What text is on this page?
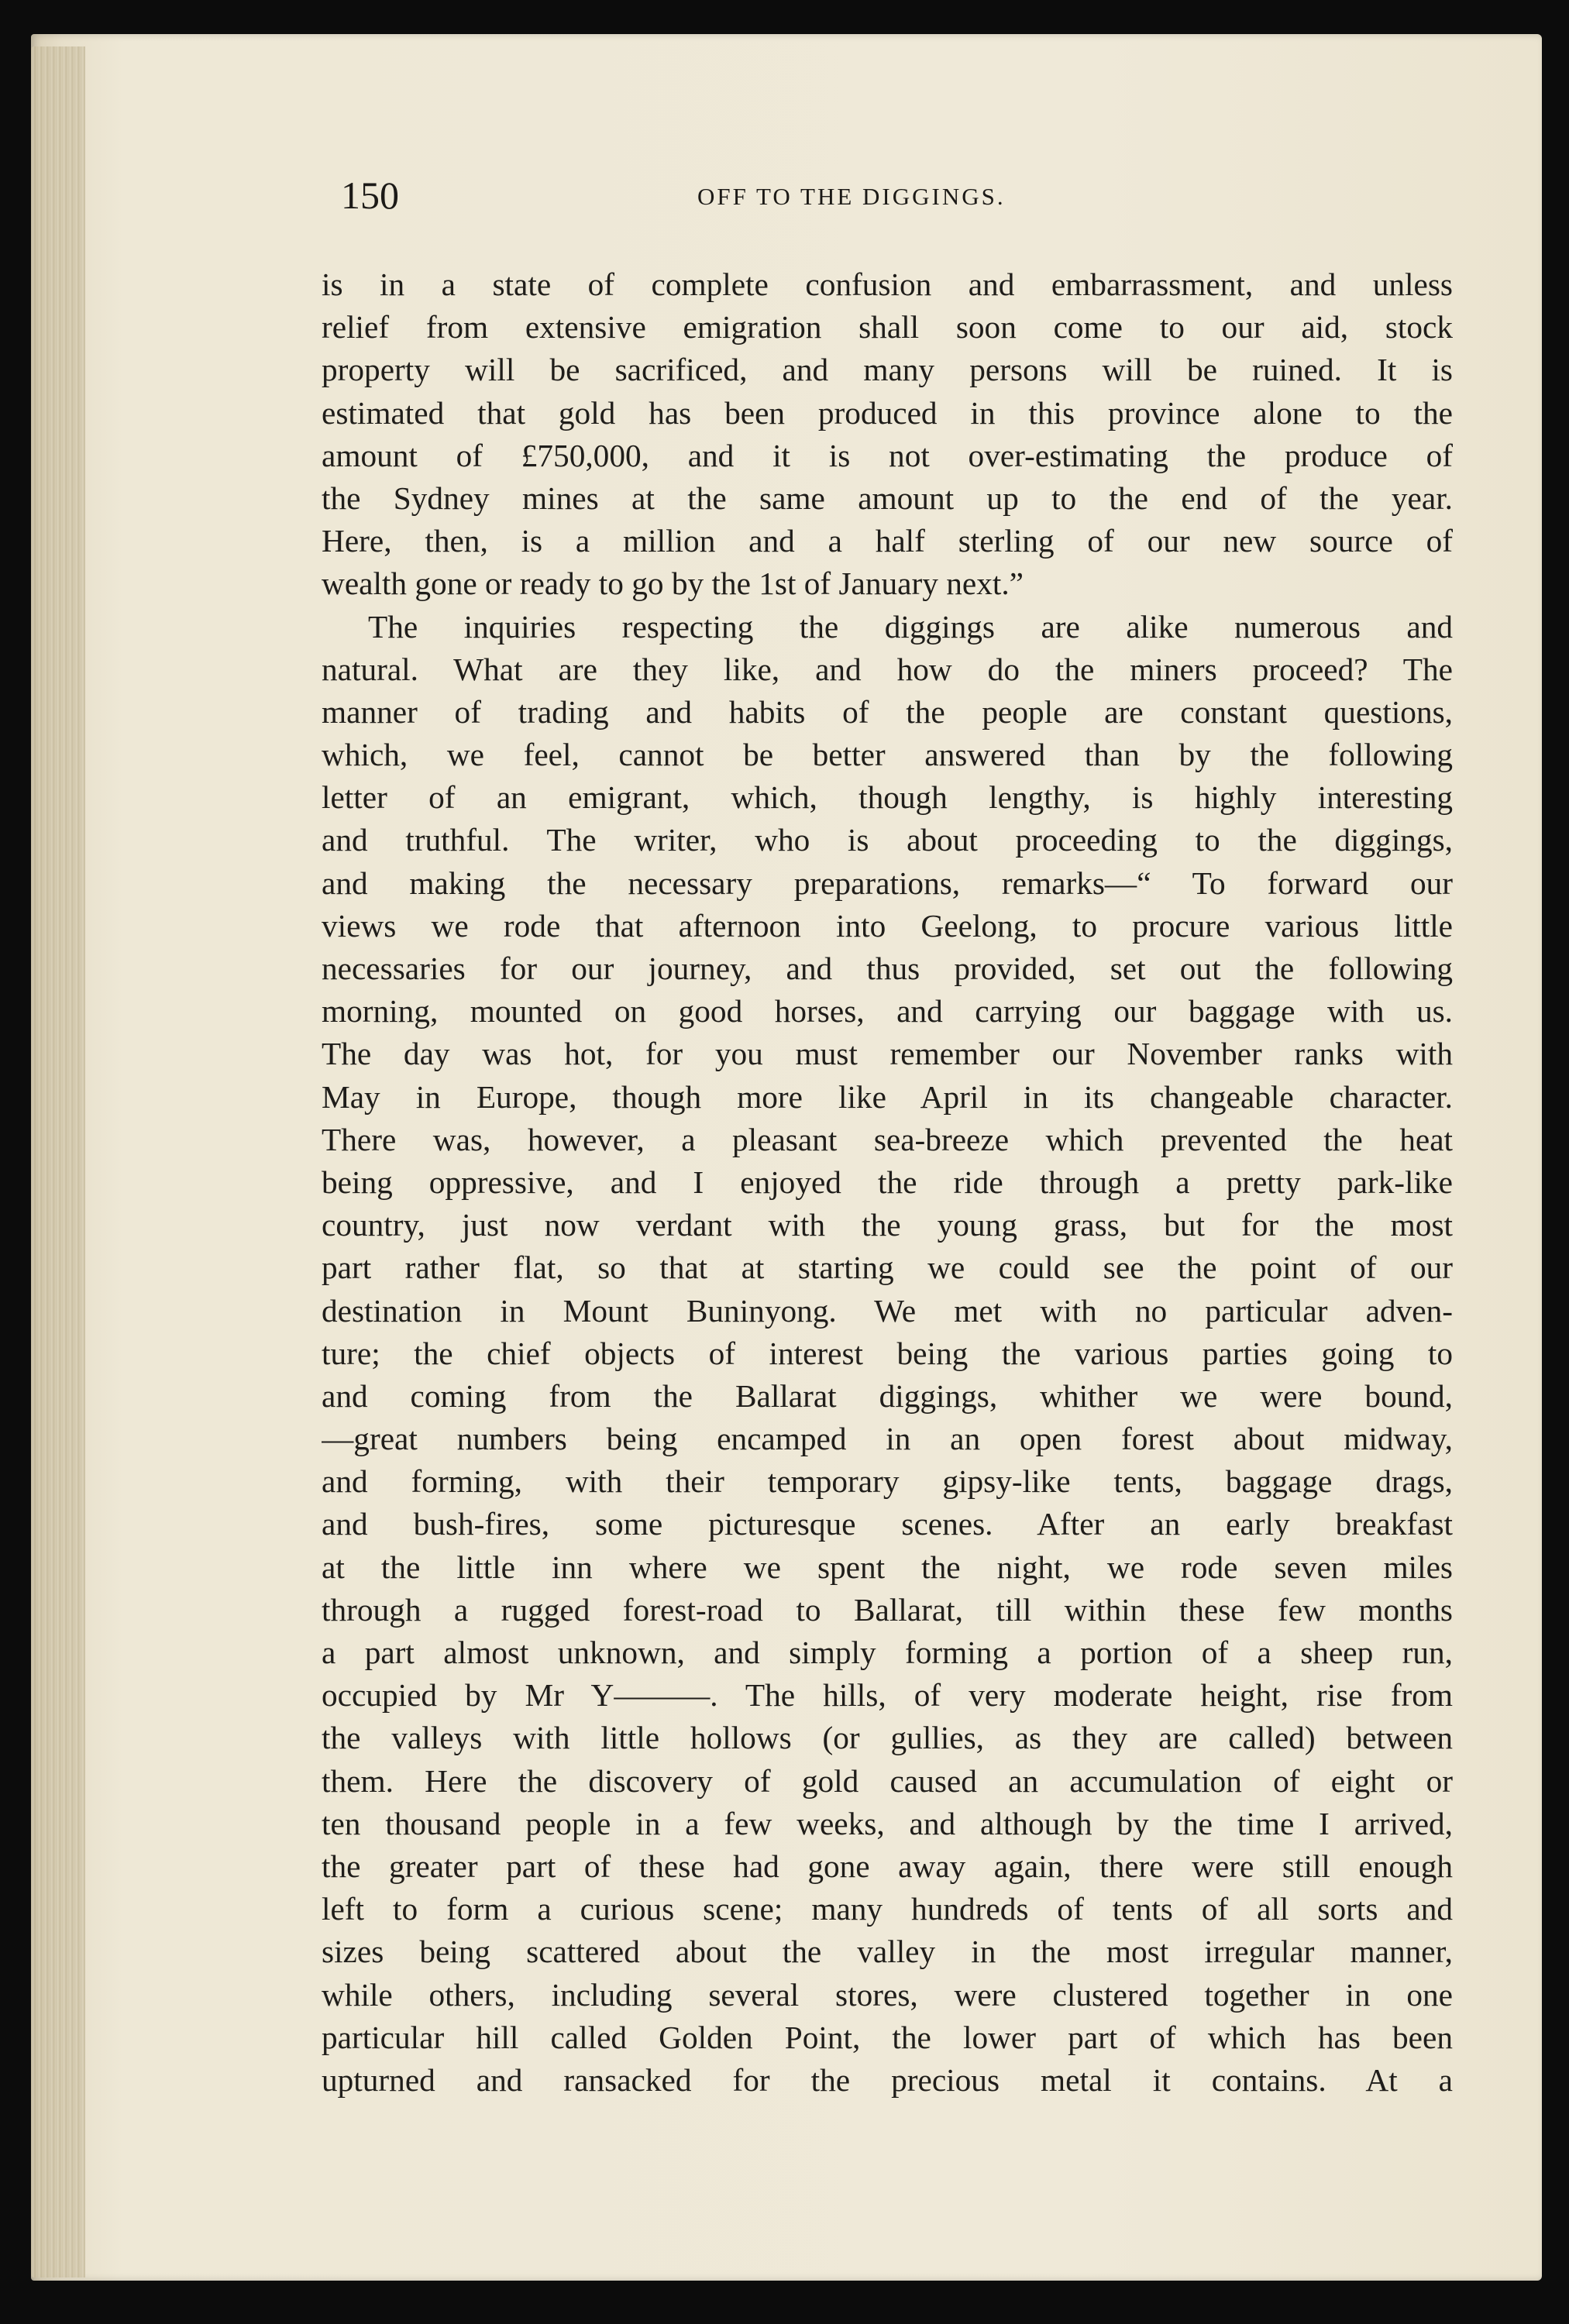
150	OFF TO THE DIGGINGS.
is in a state of complete confusion and embarrassment, and unless
relief from extensive emigration shall soon come to our aid, stock
property will be sacrificed, and many persons will be ruined. It is
estimated that gold has been produced in this province alone to the
amount of £750,000, and it is not over-estimating the produce of
the Sydney mines at the same amount up to the end of the year.
Here, then, is a million and a half sterling of our new source of
wealth gone or ready to go by the 1st of January next.”
The inquiries respecting the diggings are alike numerous and
natural. What are they like, and how do the miners proceed? The
manner of trading and habits of the people are constant questions,
which, we feel, cannot be better answered than by the following
letter of an emigrant, which, though lengthy, is highly interesting
and truthful. The writer, who is about proceeding to the diggings,
and making the necessary preparations, remarks—“ To forward our
views we rode that afternoon into Geelong, to procure various little
necessaries for our journey, and thus provided, set out the following
morning, mounted on good horses, and carrying our baggage with us.
The day was hot, for you must remember our November ranks with
May in Europe, though more like April in its changeable character.
There was, however, a pleasant sea-breeze which prevented the heat
being oppressive, and I enjoyed the ride through a pretty park-like
country, just now verdant with the young grass, but for the most
part rather flat, so that at starting we could see the point of our
destination in Mount Buninyong. We met with no particular adven-
ture; the chief objects of interest being the various parties going to
and coming from the Ballarat diggings, whither we were bound,
—great numbers being encamped in an open forest about midway,
and forming, with their temporary gipsy-like tents, baggage drags,
and bush-fires, some picturesque scenes. After an early breakfast
at the little inn where we spent the night, we rode seven miles
through a rugged forest-road to Ballarat, till within these few months
a part almost unknown, and simply forming a portion of a sheep run,
occupied by Mr Y———. The hills, of very moderate height, rise from
the valleys with little hollows (or gullies, as they are called) between
them. Here the discovery of gold caused an accumulation of eight or
ten thousand people in a few weeks, and although by the time I arrived,
the greater part of these had gone away again, there were still enough
left to form a curious scene; many hundreds of tents of all sorts and
sizes being scattered about the valley in the most irregular manner,
while others, including several stores, were clustered together in one
particular hill called Golden Point, the lower part of which has been
upturned and ransacked for the precious metal it contains. At a
